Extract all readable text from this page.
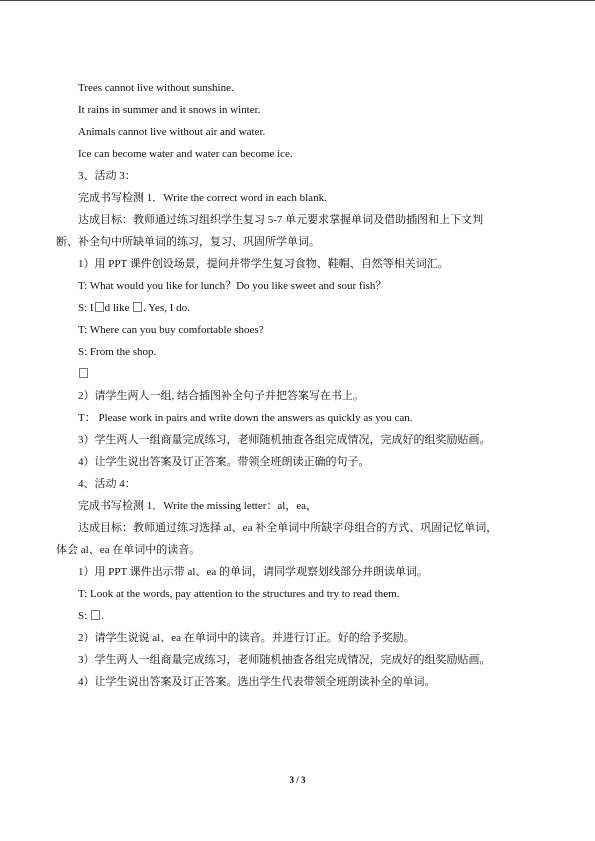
Trees cannot live without sunshine.
It rains in summer and it snows in winter.
Animals cannot live without air and water.
Ice can become water and water can become ice.
3、活动 3：
完成书写检测 1．Write the correct word in each blank.
达成目标：教师通过练习组织学生复习 5-7 单元要求掌握单词及借助插图和上下文判
断、补全句中所缺单词的练习，复习、巩固所学单词。
1）用 PPT 课件创设场景，提问并带学生复习食物、鞋帽、自然等相关词汇。
T: What would you like for lunch？Do you like sweet and sour fish？
S: I d like . Yes, I do.
T: Where can you buy comfortable shoes?
S: From the shop.
2）请学生两人一组, 结合插图补全句子并把答案写在书上。
T： Please work in pairs and write down the answers as quickly as you can.
3）学生两人一组商量完成练习，老师随机抽查各组完成情况，完成好的组奖励贴画。
4）让学生说出答案及订正答案。带领全班朗读正确的句子。
4、活动 4：
完成书写检测 1．Write the missing letter：al，ea，
达成目标：教师通过练习选择 al、ea 补全单词中所缺字母组合的方式、巩固记忆单词，
体会 al、ea 在单词中的读音。
1）用 PPT 课件出示带 al、ea 的单词，请同学观察划线部分并朗读单词。
T: Look at the words, pay attention to the structures and try to read them.
S: .
2）请学生说说 al、ea 在单词中的读音。并进行订正。好的给予奖励。
3）学生两人一组商量完成练习，老师随机抽查各组完成情况，完成好的组奖励贴画。
4）让学生说出答案及订正答案。选出学生代表带领全班朗读补全的单词。
3 / 3
